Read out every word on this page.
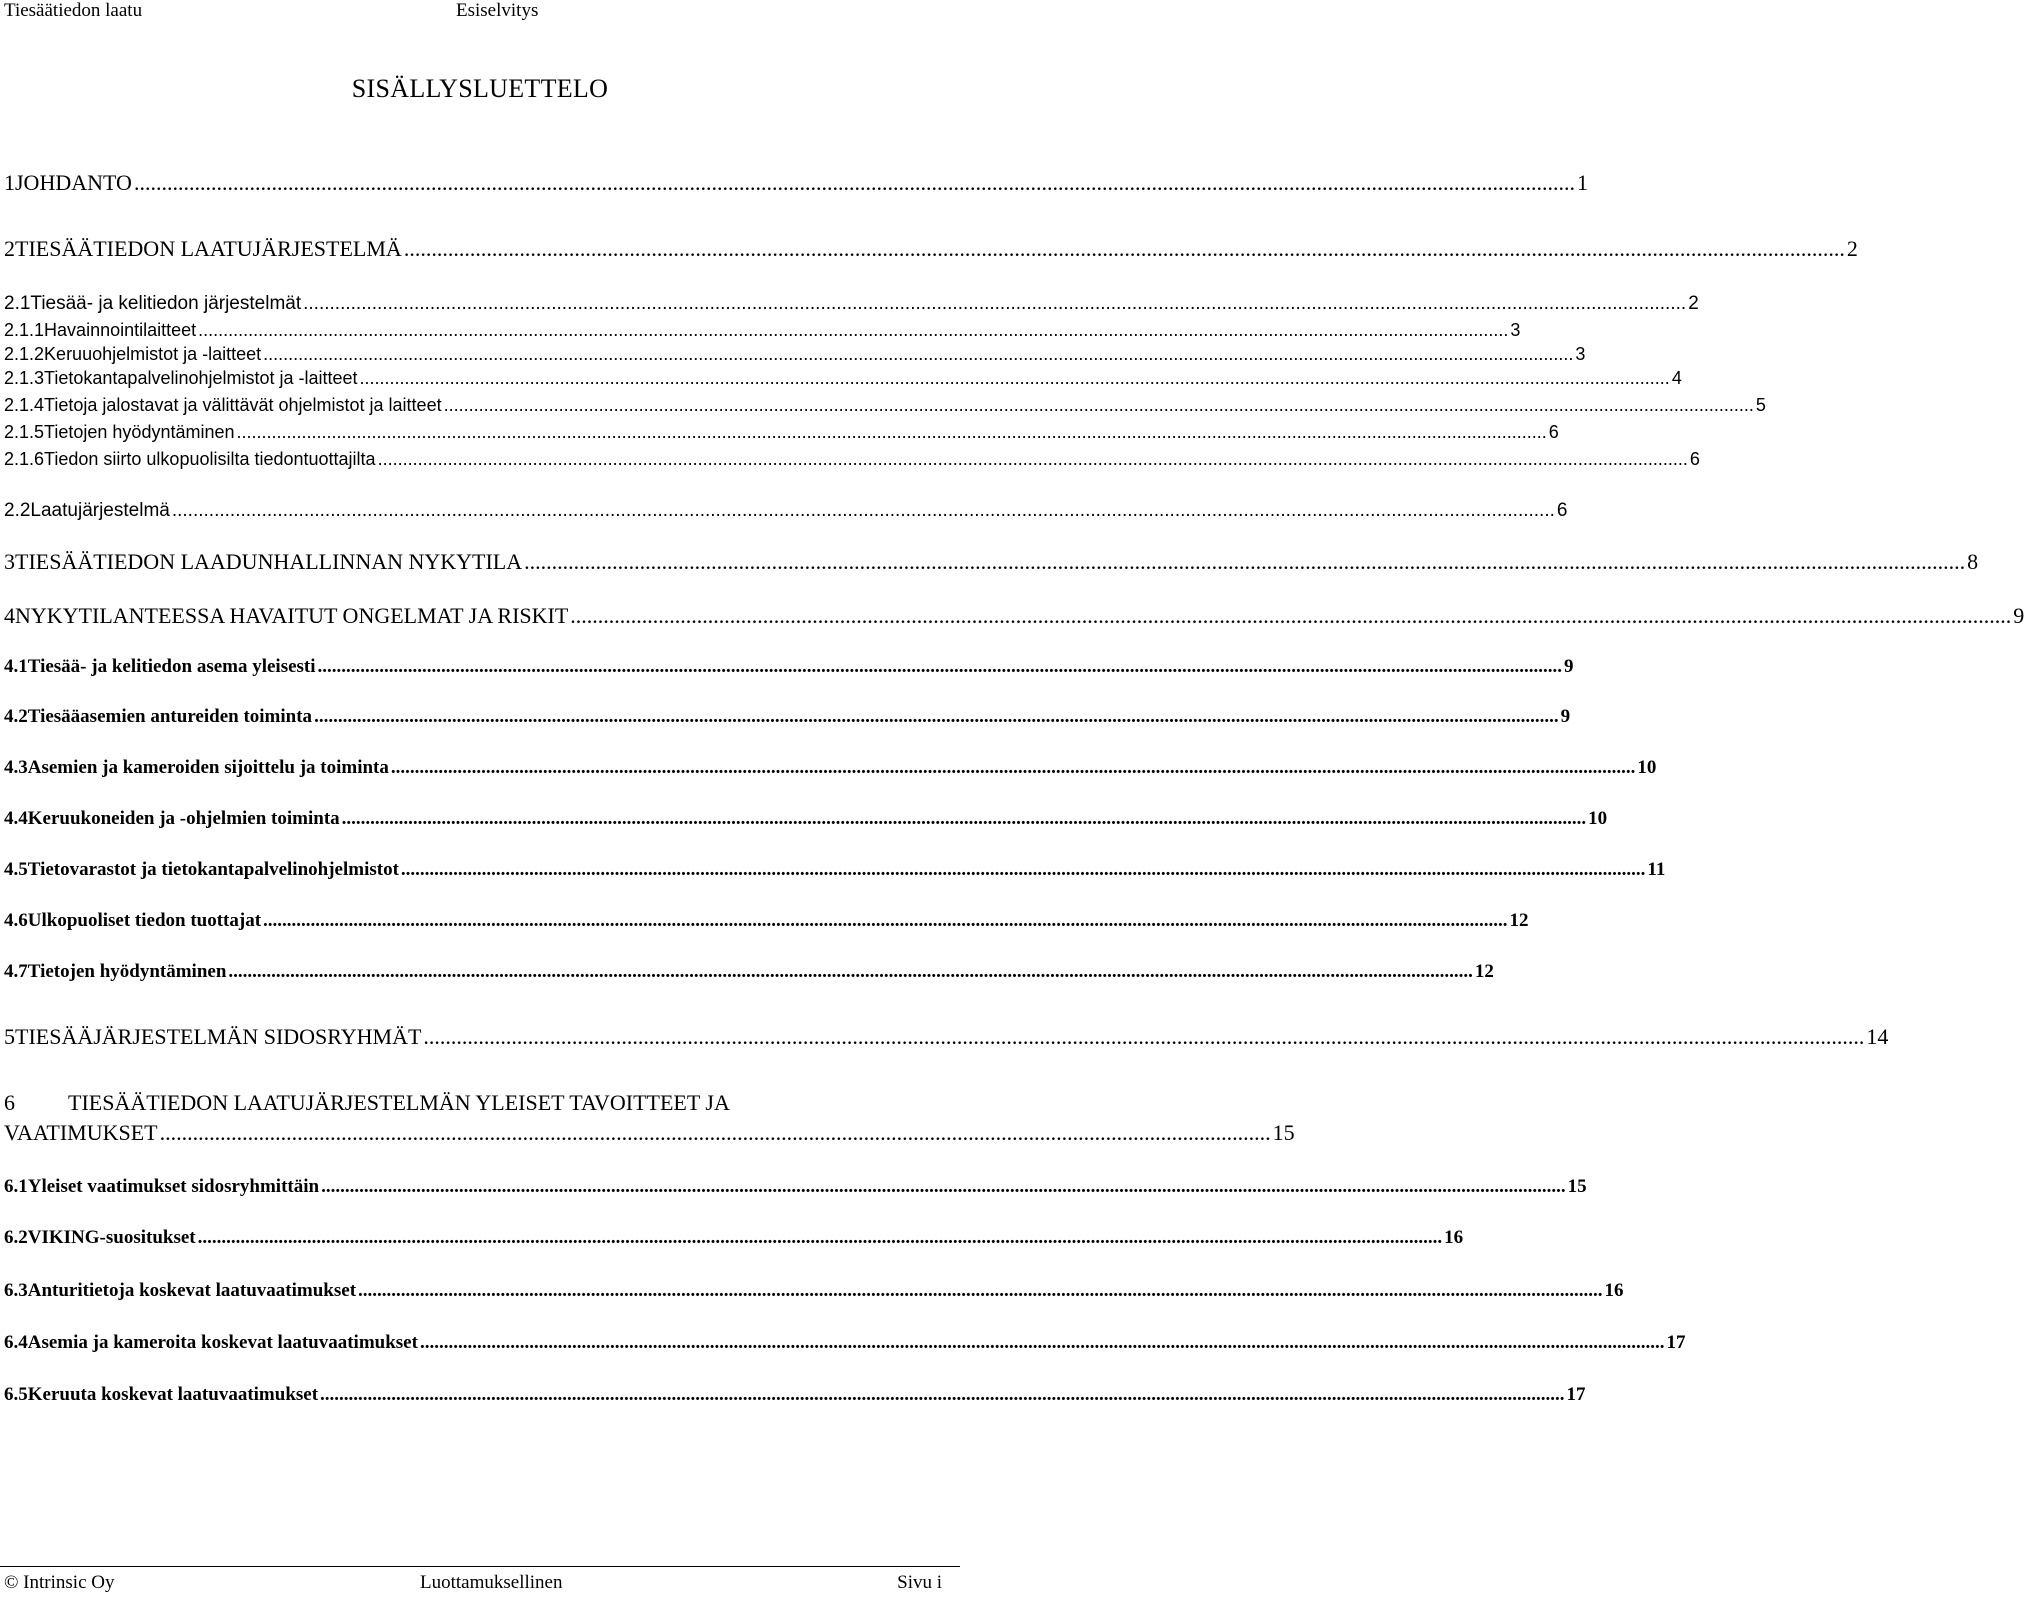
Tiesäätiedon laatu	Esiselvitys
SISÄLLYSLUETTELO
1 JOHDANTO .....	1
2 TIESÄÄTIEDON LAATUJÄRJESTELMÄ .....	2
2.1 Tiesää- ja kelitiedon järjestelmät .....	2
2.1.1 Havainnointilaitteet .....	3
2.1.2 Keruuohjelmistot ja -laitteet .....	3
2.1.3 Tietokantapalvelinohjelmistot ja -laitteet .....	4
2.1.4 Tietoja jalostavat ja välittävät ohjelmistot ja laitteet .....	5
2.1.5 Tietojen hyödyntäminen .....	6
2.1.6 Tiedon siirto ulkopuolisilta tiedontuottajilta .....	6
2.2 Laatujärjestelmä .....	6
3 TIESÄÄTIEDON LAADUNHALLINNAN NYKYTILA .....	8
4 NYKYTILANTEESSA HAVAITUT ONGELMAT JA RISKIT .....	9
4.1 Tiesää- ja kelitiedon asema yleisesti .....	9
4.2 Tiesääasemien antureiden toiminta .....	9
4.3 Asemien ja kameroiden sijoittelu ja toiminta .....	10
4.4 Keruukoneiden ja -ohjelmien toiminta .....	10
4.5 Tietovarastot ja tietokantapalvelinohjelmistot .....	11
4.6 Ulkopuoliset tiedon tuottajat .....	12
4.7 Tietojen hyödyntäminen .....	12
5 TIESÄÄJÄRJESTELMÄN SIDOSRYHMÄT .....	14
6 TIESÄÄTIEDON LAATUJÄRJESTELMÄN YLEISET TAVOITTEET JA
VAATIMUKSET .......................................................................................................................................................................................................... 15
6.1 Yleiset vaatimukset sidosryhmittäin .....	15
6.2 VIKING-suositukset .....	16
6.3 Anturitietoja koskevat laatuvaatimukset .....	16
6.4 Asemia ja kameroita koskevat laatuvaatimukset .....	17
6.5 Keruuta koskevat laatuvaatimukset .....	17
© Intrinsic Oy	Luottamuksellinen	Sivu i
